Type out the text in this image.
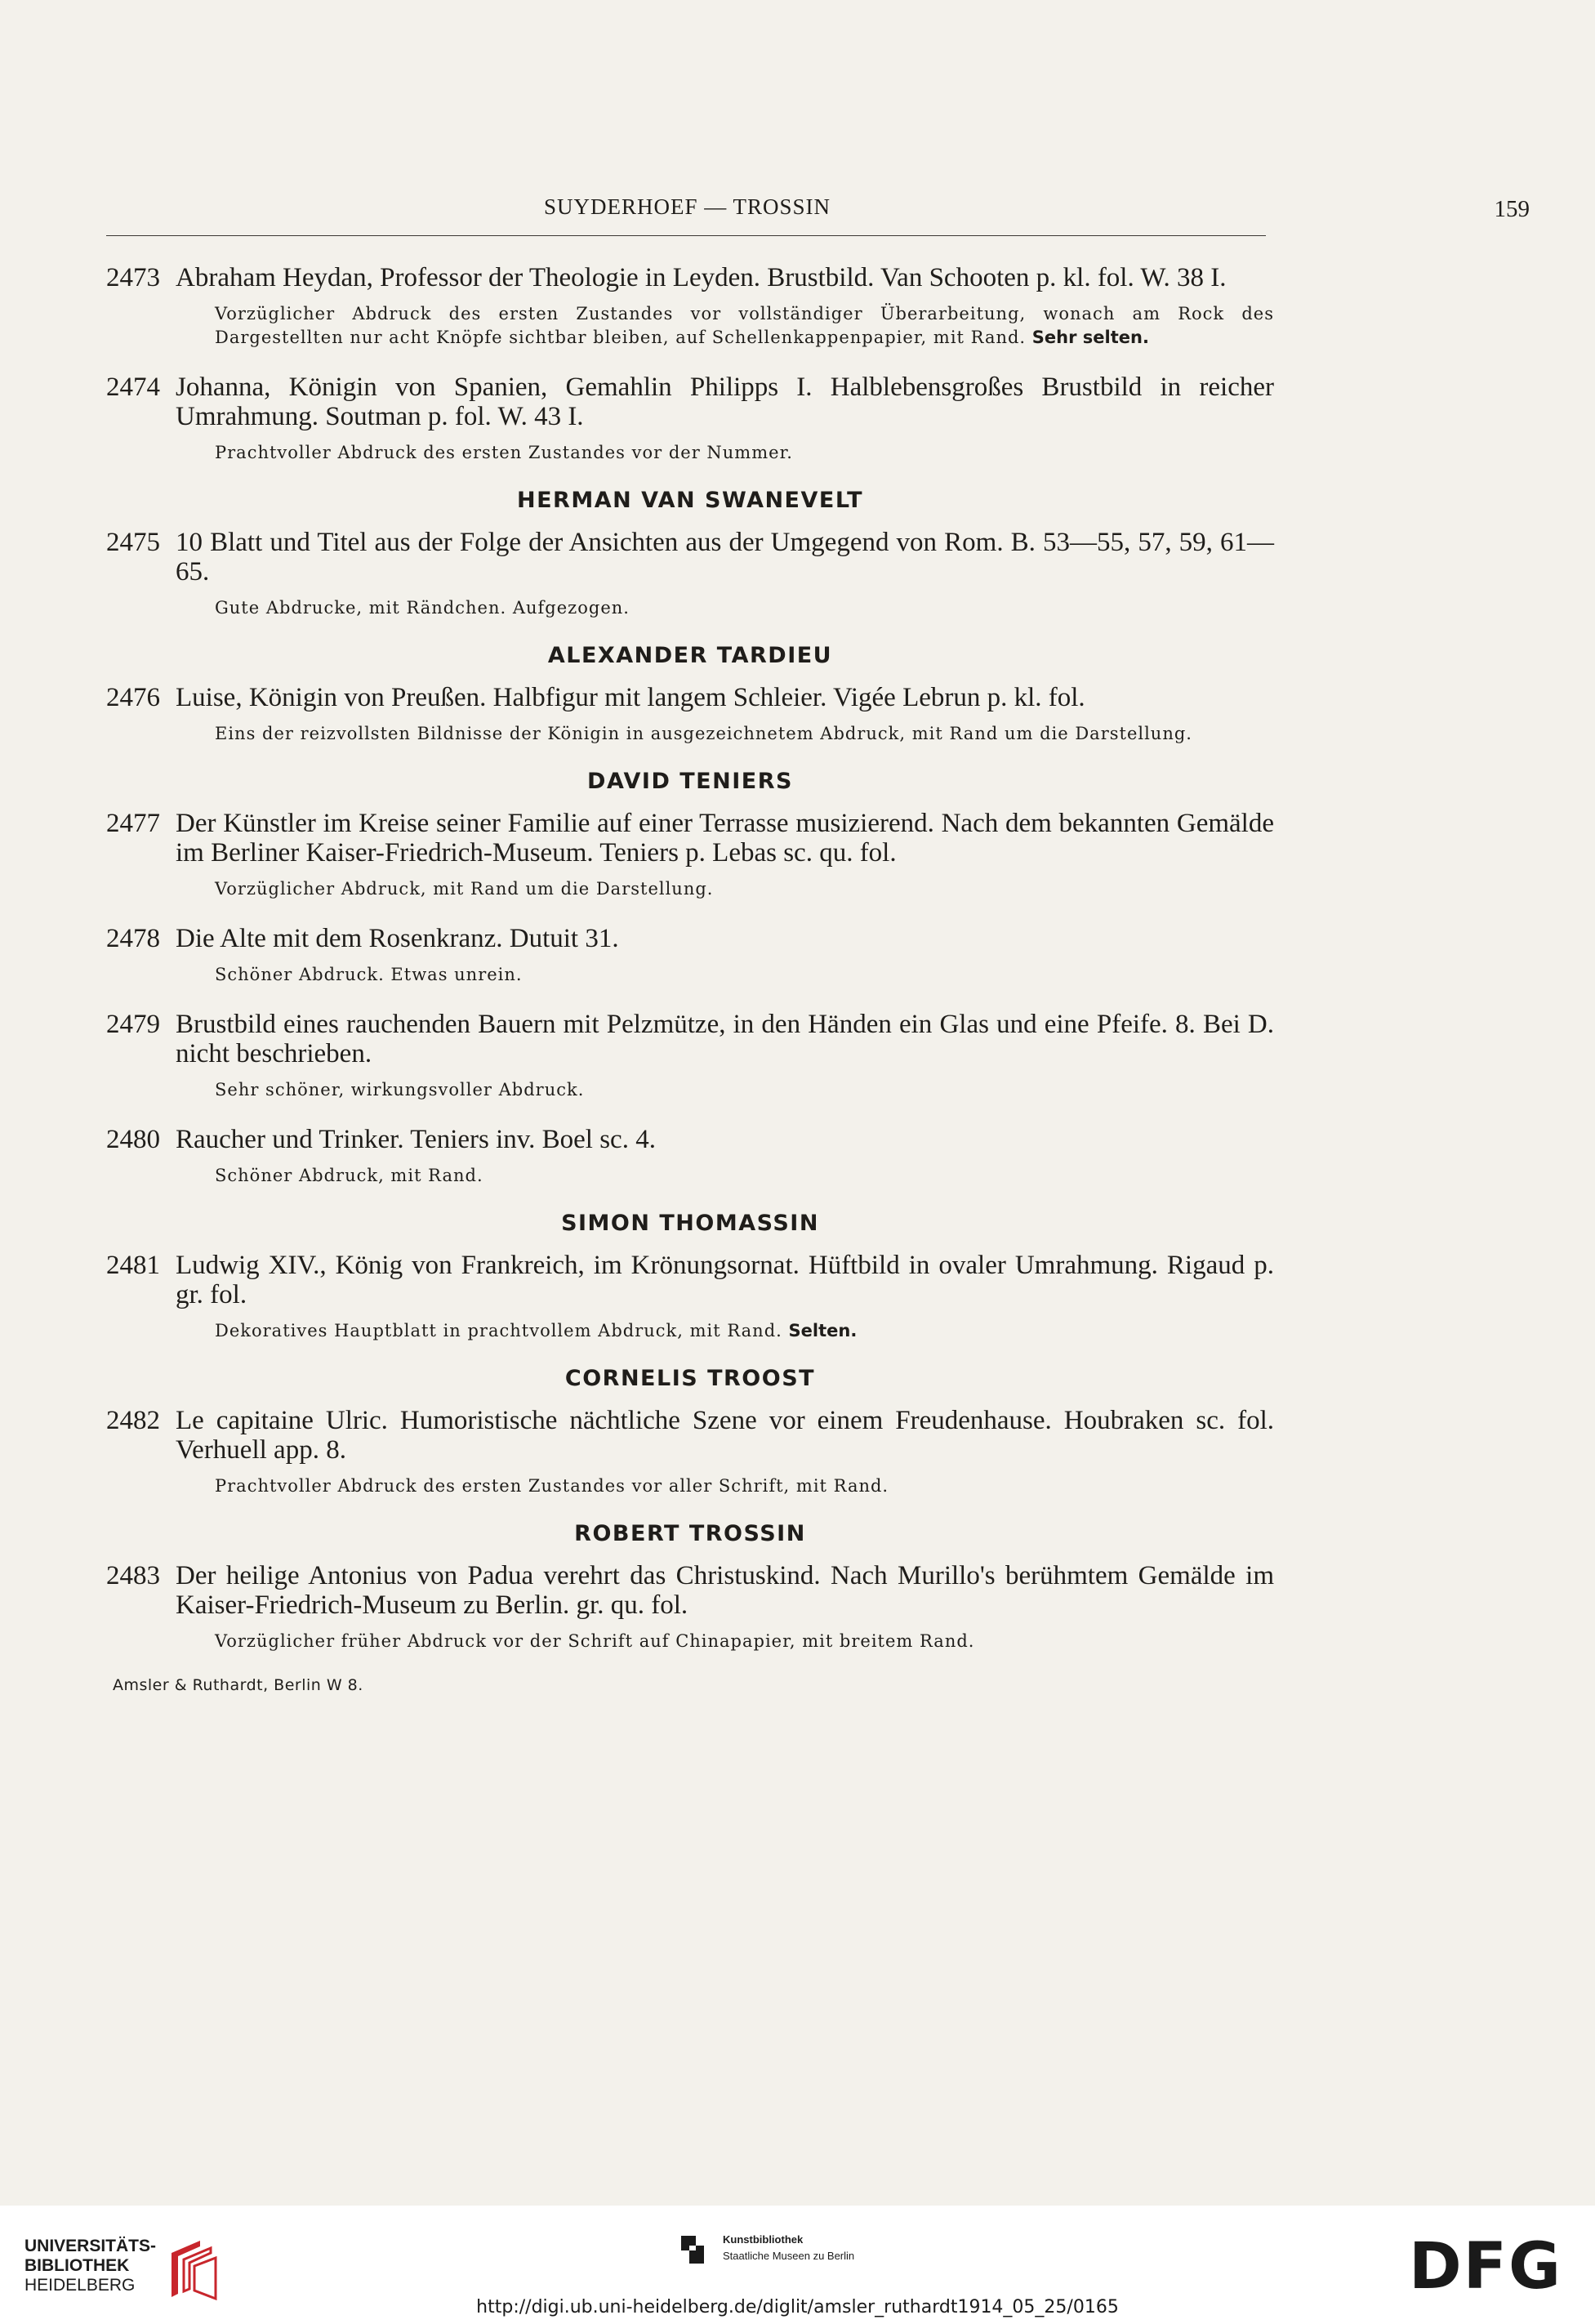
SUYDERHOEF — TROSSIN	159
2473 Abraham Heydan, Professor der Theologie in Leyden. Brustbild. Van Schooten p. kl. fol. W. 38 I.
Vorzüglicher Abdruck des ersten Zustandes vor vollständiger Überarbeitung, wonach am Rock des Dargestellten nur acht Knöpfe sichtbar bleiben, auf Schellenkappenpapier, mit Rand. Sehr selten.
2474 Johanna, Königin von Spanien, Gemahlin Philipps I. Halblebensgroßes Brustbild in reicher Umrahmung. Soutman p. fol. W. 43 I.
Prachtvoller Abdruck des ersten Zustandes vor der Nummer.
HERMAN VAN SWANEVELT
2475 10 Blatt und Titel aus der Folge der Ansichten aus der Umgegend von Rom. B. 53—55, 57, 59, 61—65.
Gute Abdrucke, mit Rändchen. Aufgezogen.
ALEXANDER TARDIEU
2476 Luise, Königin von Preußen. Halbfigur mit langem Schleier. Vigée Lebrun p. kl. fol.
Eins der reizvollsten Bildnisse der Königin in ausgezeichnetem Abdruck, mit Rand um die Darstellung.
DAVID TENIERS
2477 Der Künstler im Kreise seiner Familie auf einer Terrasse musizierend. Nach dem bekannten Gemälde im Berliner Kaiser-Friedrich-Museum. Teniers p. Lebas sc. qu. fol.
Vorzüglicher Abdruck, mit Rand um die Darstellung.
2478 Die Alte mit dem Rosenkranz. Dutuit 31.
Schöner Abdruck. Etwas unrein.
2479 Brustbild eines rauchenden Bauern mit Pelzmütze, in den Händen ein Glas und eine Pfeife. 8. Bei D. nicht beschrieben.
Sehr schöner, wirkungsvoller Abdruck.
2480 Raucher und Trinker. Teniers inv. Boel sc. 4.
Schöner Abdruck, mit Rand.
SIMON THOMASSIN
2481 Ludwig XIV., König von Frankreich, im Krönungsornat. Hüftbild in ovaler Umrahmung. Rigaud p. gr. fol.
Dekoratives Hauptblatt in prachtvollem Abdruck, mit Rand. Selten.
CORNELIS TROOST
2482 Le capitaine Ulric. Humoristische nächtliche Szene vor einem Freudenhause. Houbraken sc. fol. Verhuell app. 8.
Prachtvoller Abdruck des ersten Zustandes vor aller Schrift, mit Rand.
ROBERT TROSSIN
2483 Der heilige Antonius von Padua verehrt das Christuskind. Nach Murillo's berühmtem Gemälde im Kaiser-Friedrich-Museum zu Berlin. gr. qu. fol.
Vorzüglicher früher Abdruck vor der Schrift auf Chinapapier, mit breitem Rand.
Amsler & Ruthardt, Berlin W 8.
UNIVERSITÄTS-
BIBLIOTHEK
HEIDELBERG
Kunstbibliothek
Staatliche Museen zu Berlin	DFG
http://digi.ub.uni-heidelberg.de/diglit/amsler_ruthardt1914_05_25/0165
